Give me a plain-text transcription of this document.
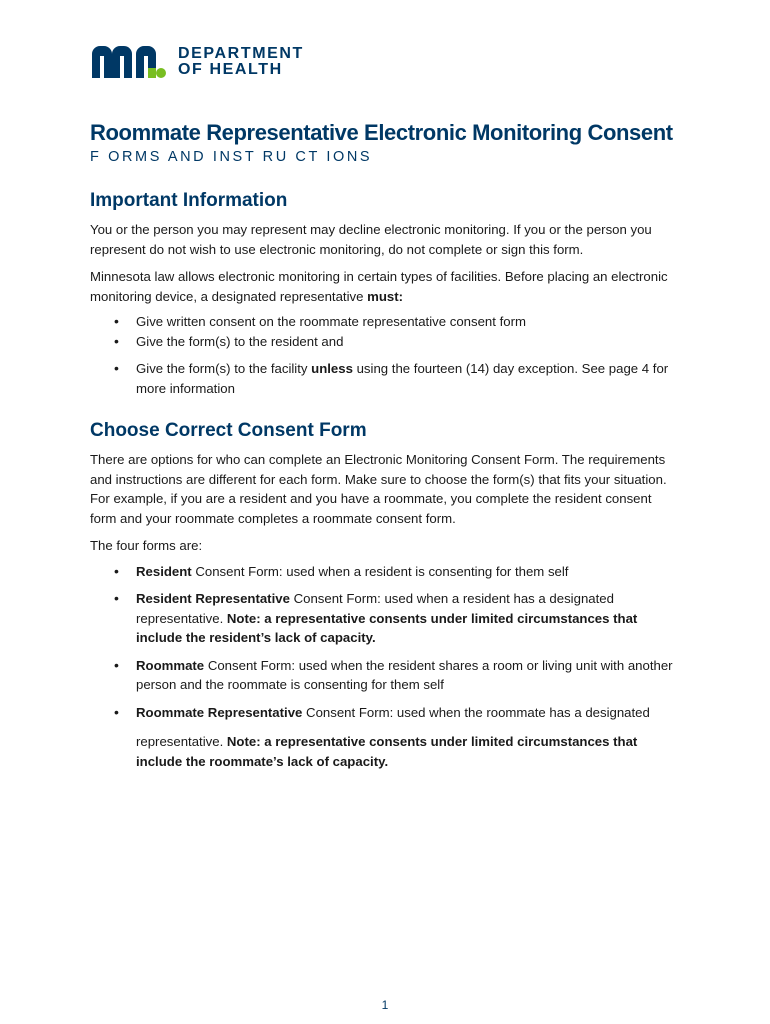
DEPARTMENT
OF HEALTH
Roommate Representative Electronic Monitoring Consent
F ORMS AND INST RU CT IONS
Important Information

You or the person you may represent may decline electronic monitoring. If you or the person you represent do not wish to use electronic monitoring, do not complete or sign this form.

Minnesota law allows electronic monitoring in certain types of facilities. Before placing an electronic monitoring device, a designated representative must:

• Give written consent on the roommate representative consent form
• Give the form(s) to the resident and
• Give the form(s) to the facility unless using the fourteen (14) day exception. See page 4 for more information
Choose Correct Consent Form

There are options for who can complete an Electronic Monitoring Consent Form. The requirements and instructions are different for each form. Make sure to choose the form(s) that fits your situation. For example, if you are a resident and you have a roommate, you complete the resident consent form and your roommate completes a roommate consent form.

The four forms are:

• Resident Consent Form: used when a resident is consenting for them self
• Resident Representative Consent Form: used when a resident has a designated representative. Note: a representative consents under limited circumstances that include the resident’s lack of capacity.
• Roommate Consent Form: used when the resident shares a room or living unit with another person and the roommate is consenting for them self
• Roommate Representative Consent Form: used when the roommate has a designated
representative. Note: a representative consents under limited circumstances that include the roommate’s lack of capacity.
1
